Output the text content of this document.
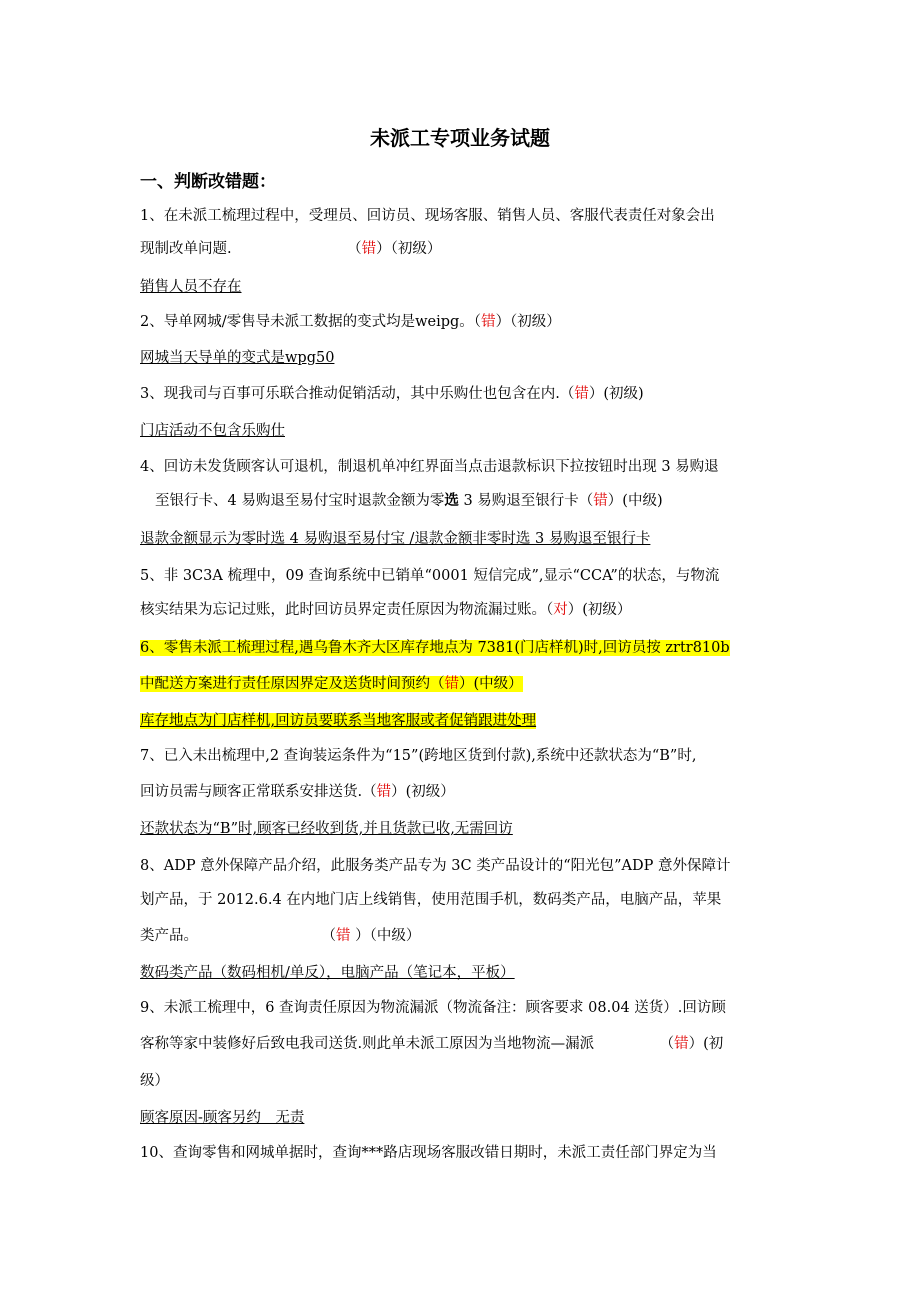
未派工专项业务试题
一、判断改错题：
1、在未派工梳理过程中，受理员、回访员、现场客服、销售人员、客服代表责任对象会出
现制改单问题.	（错）（初级）
销售人员不存在
2、导单网城/零售导未派工数据的变式均是weipg。（错）（初级）
网城当天导单的变式是wpg50
3、现我司与百事可乐联合推动促销活动，其中乐购仕也包含在内.（错）(初级)
门店活动不包含乐购仕
4、回访未发货顾客认可退机，制退机单冲红界面当点击退款标识下拉按钮时出现 3 易购退
至银行卡、4 易购退至易付宝时退款金额为零选 3 易购退至银行卡（错）(中级)
退款金额显示为零时选 4 易购退至易付宝 /退款金额非零时选 3 易购退至银行卡
5、非 3C3A 梳理中，09 查询系统中已销单“0001 短信完成”,显示“CCA”的状态，与物流
核实结果为忘记过账，此时回访员界定责任原因为物流漏过账。（对）(初级）
6、零售未派工梳理过程,遇乌鲁木齐大区库存地点为 7381(门店样机)时,回访员按 zrtr810b
中配送方案进行责任原因界定及送货时间预约（错）(中级）
库存地点为门店样机,回访员要联系当地客服或者促销跟进处理
7、已入未出梳理中,2 查询装运条件为“15”(跨地区货到付款),系统中还款状态为“B”时,
回访员需与顾客正常联系安排送货.（错）(初级）
还款状态为“B”时,顾客已经收到货,并且货款已收,无需回访
8、ADP 意外保障产品介绍，此服务类产品专为 3C 类产品设计的“阳光包”ADP 意外保障计
划产品，于 2012.6.4 在内地门店上线销售，使用范围手机，数码类产品，电脑产品，苹果
类产品。	（错 ）（中级）
数码类产品（数码相机/单反），电脑产品（笔记本，平板）
9、未派工梳理中，6 查询责任原因为物流漏派（物流备注：顾客要求 08.04 送货）.回访顾
客称等家中装修好后致电我司送货.则此单未派工原因为当地物流—漏派	（错）(初
级）
顾客原因-顾客另约　无责
10、查询零售和网城单据时，查询***路店现场客服改错日期时，未派工责任部门界定为当
